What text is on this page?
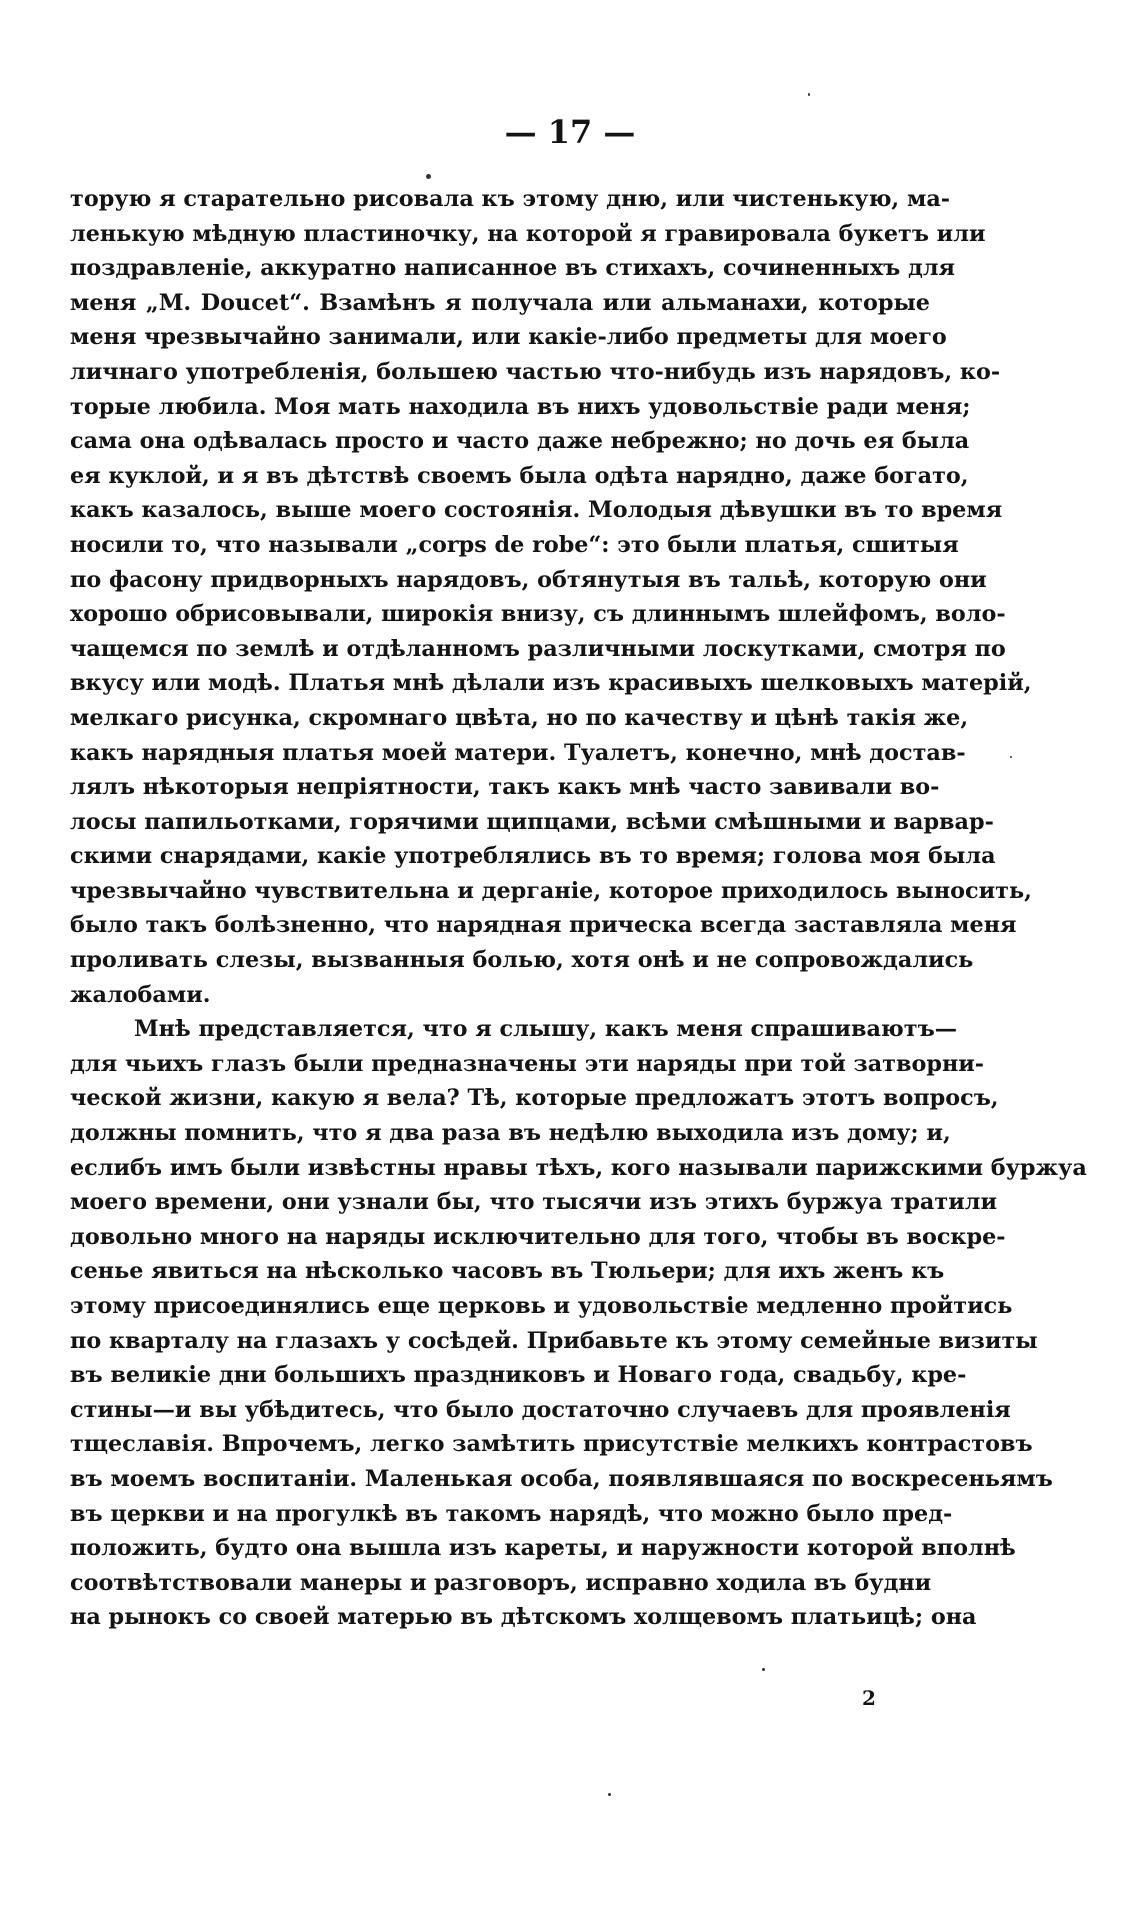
— 17 —
торую я старательно рисовала къ этому дню, или чистенькую, ма-
ленькую мѣдную пластиночку, на которой я гравировала букетъ или
поздравленіе, аккуратно написанное въ стихахъ, сочиненныхъ для
меня „M. Doucet“. Взамѣнъ я получала или альманахи, которые
меня чрезвычайно занимали, или какіе-либо предметы для моего
личнаго употребленія, большею частью что-нибудь изъ нарядовъ, ко-
торые любила. Моя мать находила въ нихъ удовольствіе ради меня;
сама она одѣвалась просто и часто даже небрежно; но дочь ея была
ея куклой, и я въ дѣтствѣ своемъ была одѣта нарядно, даже богато,
какъ казалось, выше моего состоянія. Молодыя дѣвушки въ то время
носили то, что называли „corps de robe“: это были платья, сшитыя
по фасону придворныхъ нарядовъ, обтянутыя въ тальѣ, которую они
хорошо обрисовывали, широкія внизу, съ длиннымъ шлейфомъ, воло-
чащемся по землѣ и отдѣланномъ различными лоскутками, смотря по
вкусу или модѣ. Платья мнѣ дѣлали изъ красивыхъ шелковыхъ матерій,
мелкаго рисунка, скромнаго цвѣта, но по качеству и цѣнѣ такія же,
какъ нарядныя платья моей матери. Туалетъ, конечно, мнѣ достав-
лялъ нѣкоторыя непріятности, такъ какъ мнѣ часто завивали во-
лосы папильотками, горячими щипцами, всѣми смѣшными и варвар-
скими снарядами, какіе употреблялись въ то время; голова моя была
чрезвычайно чувствительна и дерганіе, которое приходилось выносить,
было такъ болѣзненно, что нарядная прическа всегда заставляла меня
проливать слезы, вызванныя болью, хотя онѣ и не сопровождались
жалобами.
Мнѣ представляется, что я слышу, какъ меня спрашиваютъ—
для чьихъ глазъ были предназначены эти наряды при той затворни-
ческой жизни, какую я вела? Тѣ, которые предложатъ этотъ вопросъ,
должны помнить, что я два раза въ недѣлю выходила изъ дому; и,
еслибъ имъ были извѣстны нравы тѣхъ, кого называли парижскими буржуа
моего времени, они узнали бы, что тысячи изъ этихъ буржуа тратили
довольно много на наряды исключительно для того, чтобы въ воскре-
сенье явиться на нѣсколько часовъ въ Тюльери; для ихъ женъ къ
этому присоединялись еще церковь и удовольствіе медленно пройтись
по кварталу на глазахъ у сосѣдей. Прибавьте къ этому семейные визиты
въ великіе дни большихъ праздниковъ и Новаго года, свадьбу, кре-
стины—и вы убѣдитесь, что было достаточно случаевъ для проявленія
тщеславія. Впрочемъ, легко замѣтить присутствіе мелкихъ контрастовъ
въ моемъ воспитаніи. Маленькая особа, появлявшаяся по воскресеньямъ
въ церкви и на прогулкѣ въ такомъ нарядѣ, что можно было пред-
положить, будто она вышла изъ кареты, и наружности которой вполнѣ
соотвѣтствовали манеры и разговоръ, исправно ходила въ будни
на рынокъ со своей матерью въ дѣтскомъ холщевомъ платьицѣ; она
2
